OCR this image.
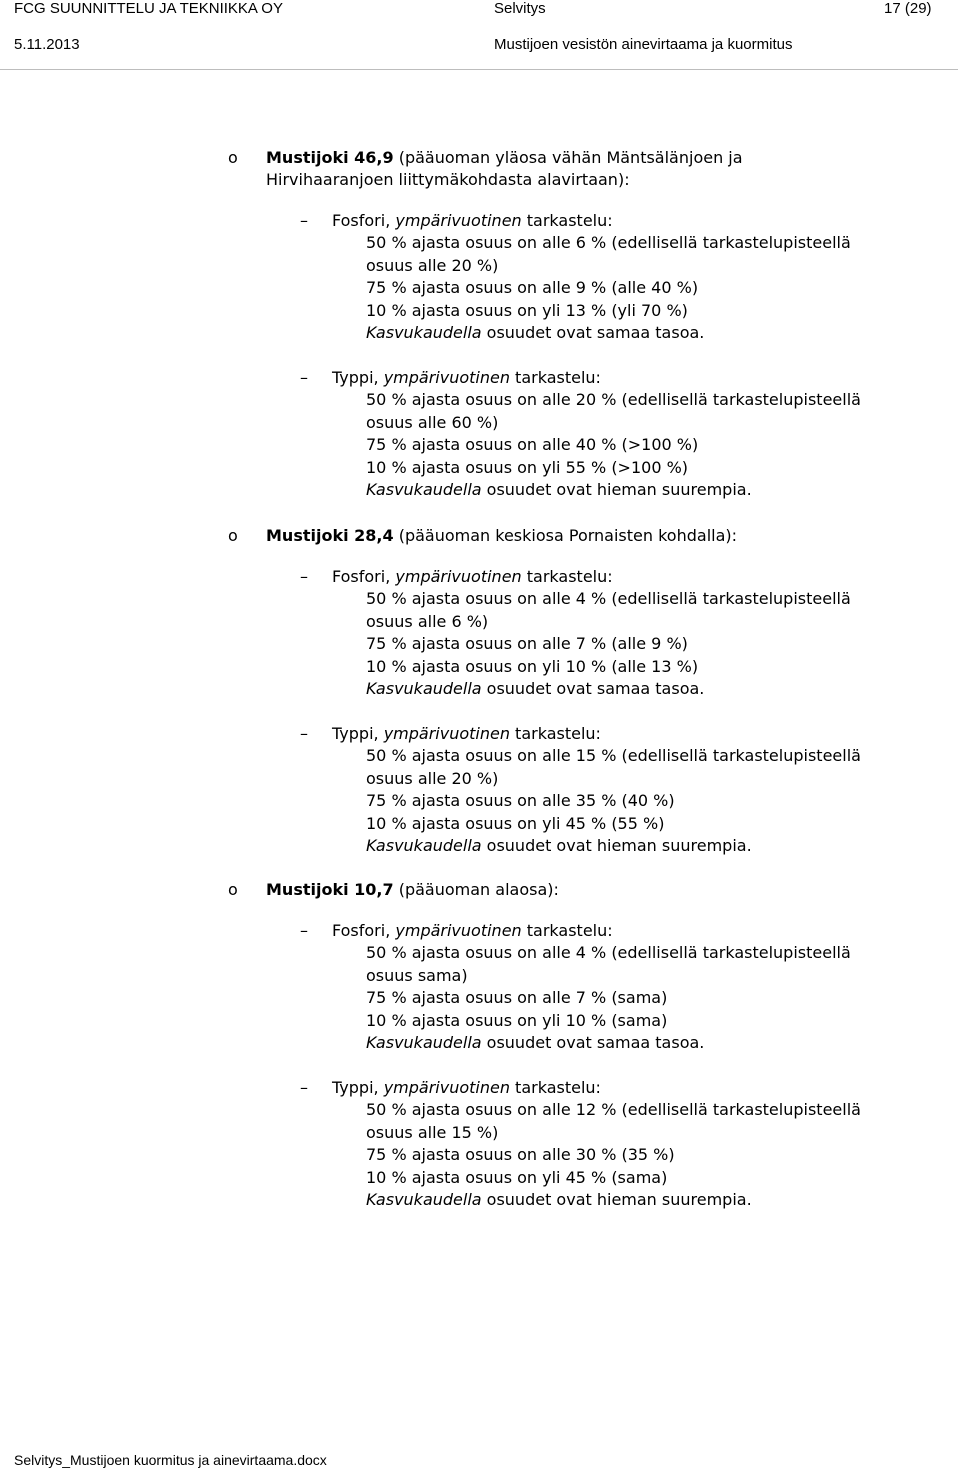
FCG SUUNNITTELU JA TEKNIIKKA OY	Selvitys	17 (29)
5.11.2013	Mustijoen vesistön ainevirtaama ja kuormitus
o Mustijoki 46,9 (pääuoman yläosa vähän Mäntsälänjoen ja
Hirvihaaranjoen liittymäkohdasta alavirtaan):
– Fosfori, ympärivuotinen tarkastelu:
50 % ajasta osuus on alle 6 % (edellisellä tarkastelupisteellä
osuus alle 20 %)
75 % ajasta osuus on alle 9 % (alle 40 %)
10 % ajasta osuus on yli 13 % (yli 70 %)
Kasvukaudella osuudet ovat samaa tasoa.
– Typpi, ympärivuotinen tarkastelu:
50 % ajasta osuus on alle 20 % (edellisellä tarkastelupisteellä
osuus alle 60 %)
75 % ajasta osuus on alle 40 % (>100 %)
10 % ajasta osuus on yli 55 % (>100 %)
Kasvukaudella osuudet ovat hieman suurempia.
o Mustijoki 28,4 (pääuoman keskiosa Pornaisten kohdalla):
– Fosfori, ympärivuotinen tarkastelu:
50 % ajasta osuus on alle 4 % (edellisellä tarkastelupisteellä
osuus alle 6 %)
75 % ajasta osuus on alle 7 % (alle 9 %)
10 % ajasta osuus on yli 10 % (alle 13 %)
Kasvukaudella osuudet ovat samaa tasoa.
– Typpi, ympärivuotinen tarkastelu:
50 % ajasta osuus on alle 15 % (edellisellä tarkastelupisteellä
osuus alle 20 %)
75 % ajasta osuus on alle 35 % (40 %)
10 % ajasta osuus on yli 45 % (55 %)
Kasvukaudella osuudet ovat hieman suurempia.
o Mustijoki 10,7 (pääuoman alaosa):
– Fosfori, ympärivuotinen tarkastelu:
50 % ajasta osuus on alle 4 % (edellisellä tarkastelupisteellä
osuus sama)
75 % ajasta osuus on alle 7 % (sama)
10 % ajasta osuus on yli 10 % (sama)
Kasvukaudella osuudet ovat samaa tasoa.
– Typpi, ympärivuotinen tarkastelu:
50 % ajasta osuus on alle 12 % (edellisellä tarkastelupisteellä
osuus alle 15 %)
75 % ajasta osuus on alle 30 % (35 %)
10 % ajasta osuus on yli 45 % (sama)
Kasvukaudella osuudet ovat hieman suurempia.
Selvitys_Mustijoen kuormitus ja ainevirtaama.docx
